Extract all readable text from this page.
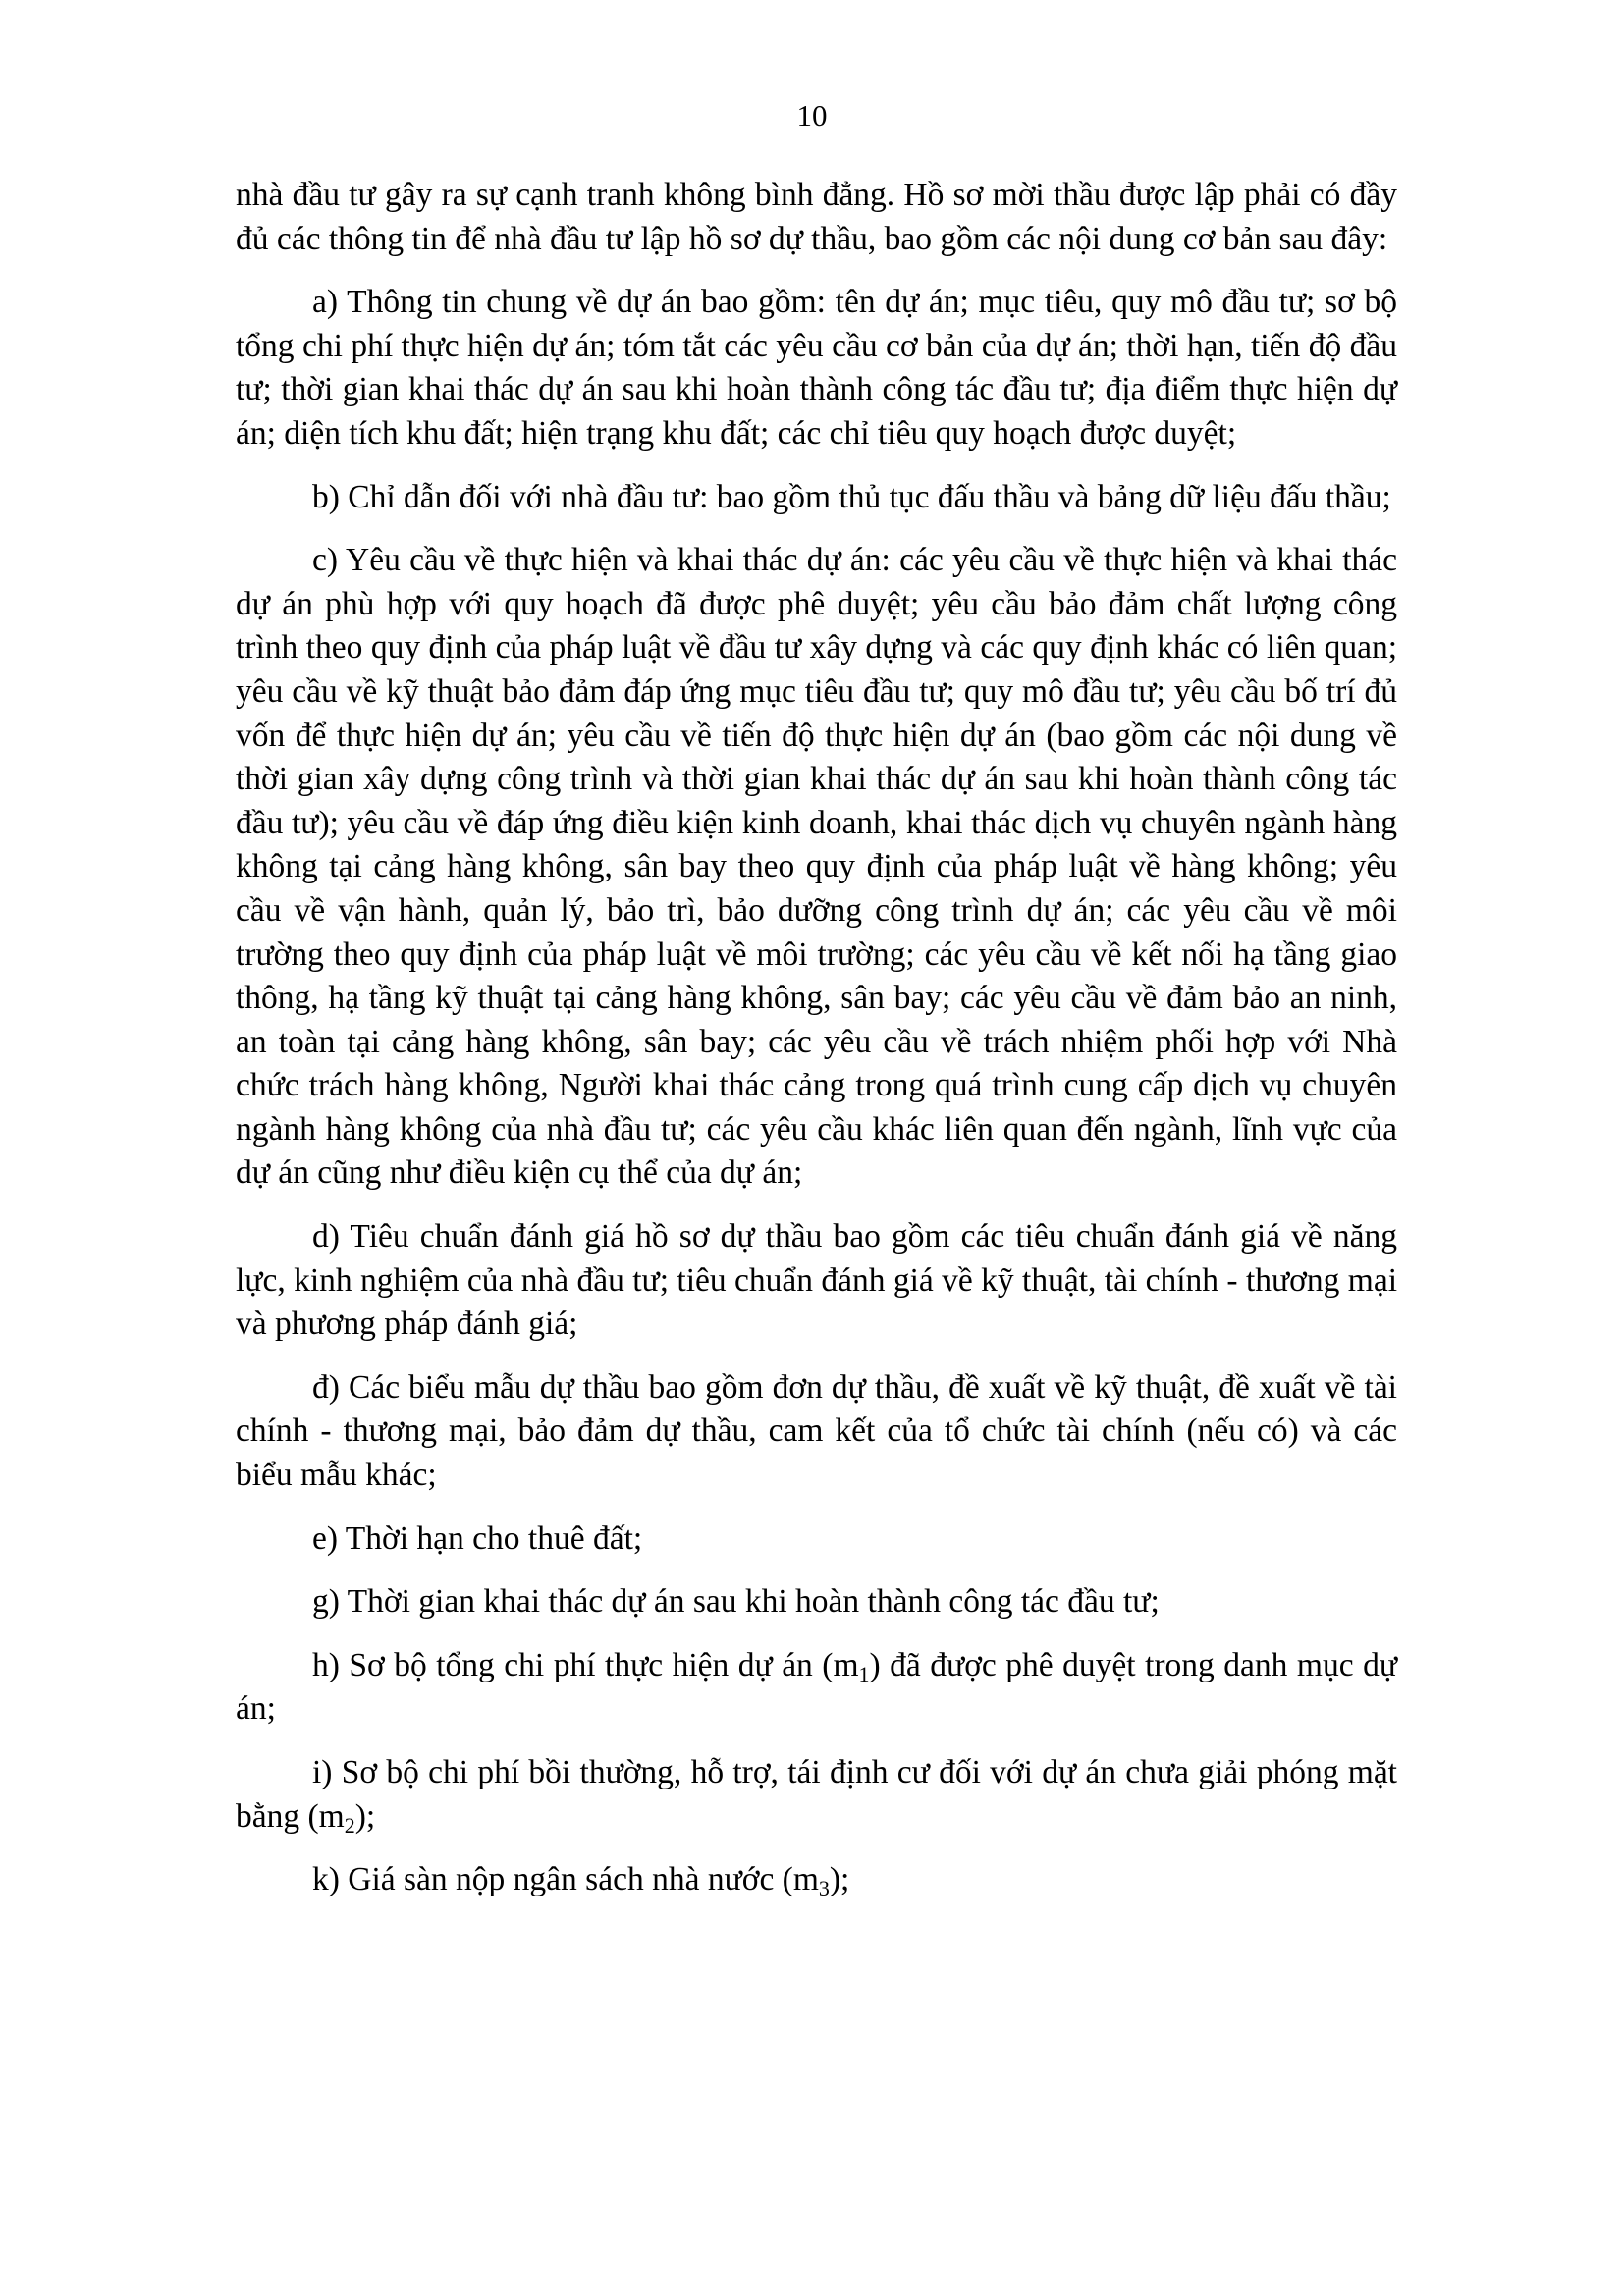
10

nhà đầu tư gây ra sự cạnh tranh không bình đẳng. Hồ sơ mời thầu được lập phải có đầy đủ các thông tin để nhà đầu tư lập hồ sơ dự thầu, bao gồm các nội dung cơ bản sau đây:

a) Thông tin chung về dự án bao gồm: tên dự án; mục tiêu, quy mô đầu tư; sơ bộ tổng chi phí thực hiện dự án; tóm tắt các yêu cầu cơ bản của dự án; thời hạn, tiến độ đầu tư; thời gian khai thác dự án sau khi hoàn thành công tác đầu tư; địa điểm thực hiện dự án; diện tích khu đất; hiện trạng khu đất; các chỉ tiêu quy hoạch được duyệt;

b) Chỉ dẫn đối với nhà đầu tư: bao gồm thủ tục đấu thầu và bảng dữ liệu đấu thầu;

c) Yêu cầu về thực hiện và khai thác dự án: các yêu cầu về thực hiện và khai thác dự án phù hợp với quy hoạch đã được phê duyệt; yêu cầu bảo đảm chất lượng công trình theo quy định của pháp luật về đầu tư xây dựng và các quy định khác có liên quan; yêu cầu về kỹ thuật bảo đảm đáp ứng mục tiêu đầu tư; quy mô đầu tư; yêu cầu bố trí đủ vốn để thực hiện dự án; yêu cầu về tiến độ thực hiện dự án (bao gồm các nội dung về thời gian xây dựng công trình và thời gian khai thác dự án sau khi hoàn thành công tác đầu tư); yêu cầu về đáp ứng điều kiện kinh doanh, khai thác dịch vụ chuyên ngành hàng không tại cảng hàng không, sân bay theo quy định của pháp luật về hàng không; yêu cầu về vận hành, quản lý, bảo trì, bảo dưỡng công trình dự án; các yêu cầu về môi trường theo quy định của pháp luật về môi trường; các yêu cầu về kết nối hạ tầng giao thông, hạ tầng kỹ thuật tại cảng hàng không, sân bay; các yêu cầu về đảm bảo an ninh, an toàn tại cảng hàng không, sân bay; các yêu cầu về trách nhiệm phối hợp với Nhà chức trách hàng không, Người khai thác cảng trong quá trình cung cấp dịch vụ chuyên ngành hàng không của nhà đầu tư; các yêu cầu khác liên quan đến ngành, lĩnh vực của dự án cũng như điều kiện cụ thể của dự án;

d) Tiêu chuẩn đánh giá hồ sơ dự thầu bao gồm các tiêu chuẩn đánh giá về năng lực, kinh nghiệm của nhà đầu tư; tiêu chuẩn đánh giá về kỹ thuật, tài chính - thương mại và phương pháp đánh giá;

đ) Các biểu mẫu dự thầu bao gồm đơn dự thầu, đề xuất về kỹ thuật, đề xuất về tài chính - thương mại, bảo đảm dự thầu, cam kết của tổ chức tài chính (nếu có) và các biểu mẫu khác;

e) Thời hạn cho thuê đất;

g) Thời gian khai thác dự án sau khi hoàn thành công tác đầu tư;

h) Sơ bộ tổng chi phí thực hiện dự án $(m_1)$ đã được phê duyệt trong danh mục dự án;

i) Sơ bộ chi phí bồi thường, hỗ trợ, tái định cư đối với dự án chưa giải phóng mặt bằng $(m_2)$;

k) Giá sàn nộp ngân sách nhà nước $(m_3)$;
